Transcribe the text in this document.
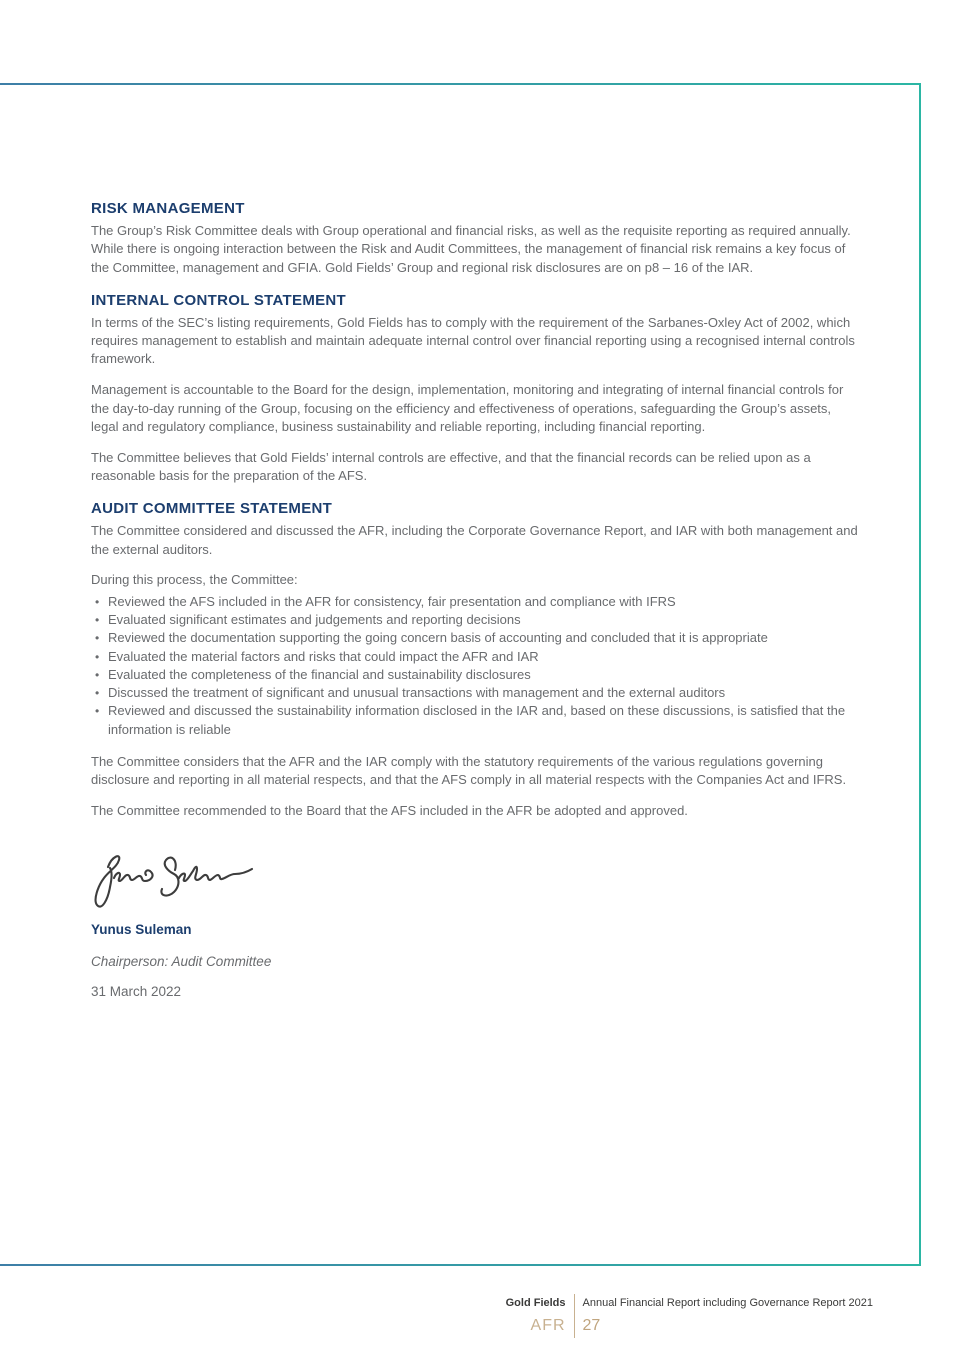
RISK MANAGEMENT

The Group’s Risk Committee deals with Group operational and financial risks, as well as the requisite reporting as required annually. While there is ongoing interaction between the Risk and Audit Committees, the management of financial risk remains a key focus of the Committee, management and GFIA. Gold Fields’ Group and regional risk disclosures are on p8 – 16 of the IAR.

INTERNAL CONTROL STATEMENT

In terms of the SEC’s listing requirements, Gold Fields has to comply with the requirement of the Sarbanes-Oxley Act of 2002, which requires management to establish and maintain adequate internal control over financial reporting using a recognised internal controls framework.

Management is accountable to the Board for the design, implementation, monitoring and integrating of internal financial controls for the day-to-day running of the Group, focusing on the efficiency and effectiveness of operations, safeguarding the Group’s assets, legal and regulatory compliance, business sustainability and reliable reporting, including financial reporting.

The Committee believes that Gold Fields’ internal controls are effective, and that the financial records can be relied upon as a reasonable basis for the preparation of the AFS.

AUDIT COMMITTEE STATEMENT

The Committee considered and discussed the AFR, including the Corporate Governance Report, and IAR with both management and the external auditors.

During this process, the Committee:

• Reviewed the AFS included in the AFR for consistency, fair presentation and compliance with IFRS
• Evaluated significant estimates and judgements and reporting decisions
• Reviewed the documentation supporting the going concern basis of accounting and concluded that it is appropriate
• Evaluated the material factors and risks that could impact the AFR and IAR
• Evaluated the completeness of the financial and sustainability disclosures
• Discussed the treatment of significant and unusual transactions with management and the external auditors
• Reviewed and discussed the sustainability information disclosed in the IAR and, based on these discussions, is satisfied that the information is reliable

The Committee considers that the AFR and the IAR comply with the statutory requirements of the various regulations governing disclosure and reporting in all material respects, and that the AFS comply in all material respects with the Companies Act and IFRS.

The Committee recommended to the Board that the AFS included in the AFR be adopted and approved.

Yunus Suleman

Chairperson: Audit Committee

31 March 2022

Gold Fields	Annual Financial Report including Governance Report 2021
AFR	27
